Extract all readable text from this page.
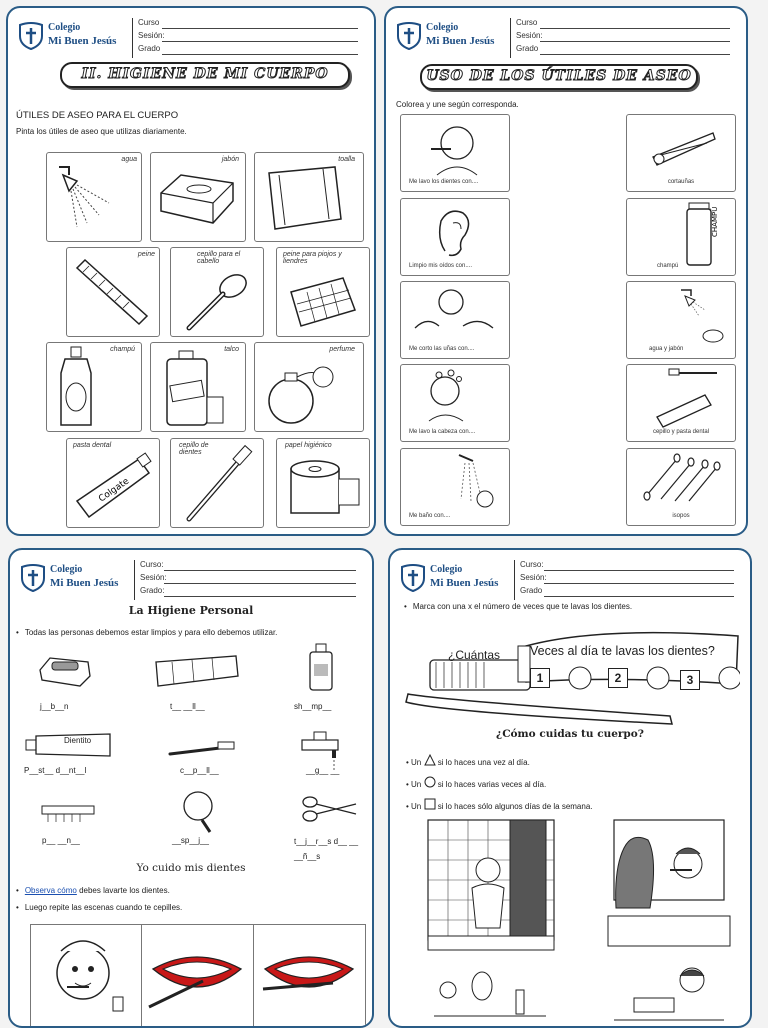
Colegio
Mi Buen Jesús
Curso
Sesión:
Grado
II. HIGIENE DE MI CUERPO
ÚTILES DE ASEO PARA EL CUERPO
Pinta los útiles de aseo que utilizas diariamente.
agua	jabón	toalla
peine	cepillo para el cabello
peine para piojos y liendres
champú	talco	perfume
pasta dental
Colgate
cepillo de dientes
papel higiénico
Colegio
Mi Buen Jesús
Curso
Sesión:
Grado
USO DE LOS ÚTILES DE ASEO
Colorea y une según corresponda.
Me lavo los dientes con....
Limpio mis oídos con....
Me corto las uñas con....
Me lavo la cabeza con....
Me baño con....
cortauñas
CHAMPÚ
champú
agua y jabón
cepillo y pasta dental
isopos
Colegio
Mi Buen Jesús
Curso:
Sesión:
Grado:
La Higiene Personal
• Todas las personas debemos estar limpios y para ello debemos utilizar.
j__b__n	t__ __ll__	sh__mp__
Dientito
P__st__ d__nt__l	c__p__ll__	__g__ __
p__ __n__	__sp__j__	t__j__r__s d__ __ __ñ__s
Yo cuido mis dientes
• Observa cómo debes lavarte los dientes.
• Luego repite las escenas cuando te cepilles.
Colegio
Mi Buen Jesús
Curso:
Sesión:
Grado
• Marca con una x el número de veces que te lavas los dientes.
¿Cuántas Veces al día te lavas los dientes?
1	2	3
¿Cómo cuidas tu cuerpo?
• Un si lo haces una vez al día.
• Un si lo haces varias veces al día.
• Un si lo haces sólo algunos días de la semana.
